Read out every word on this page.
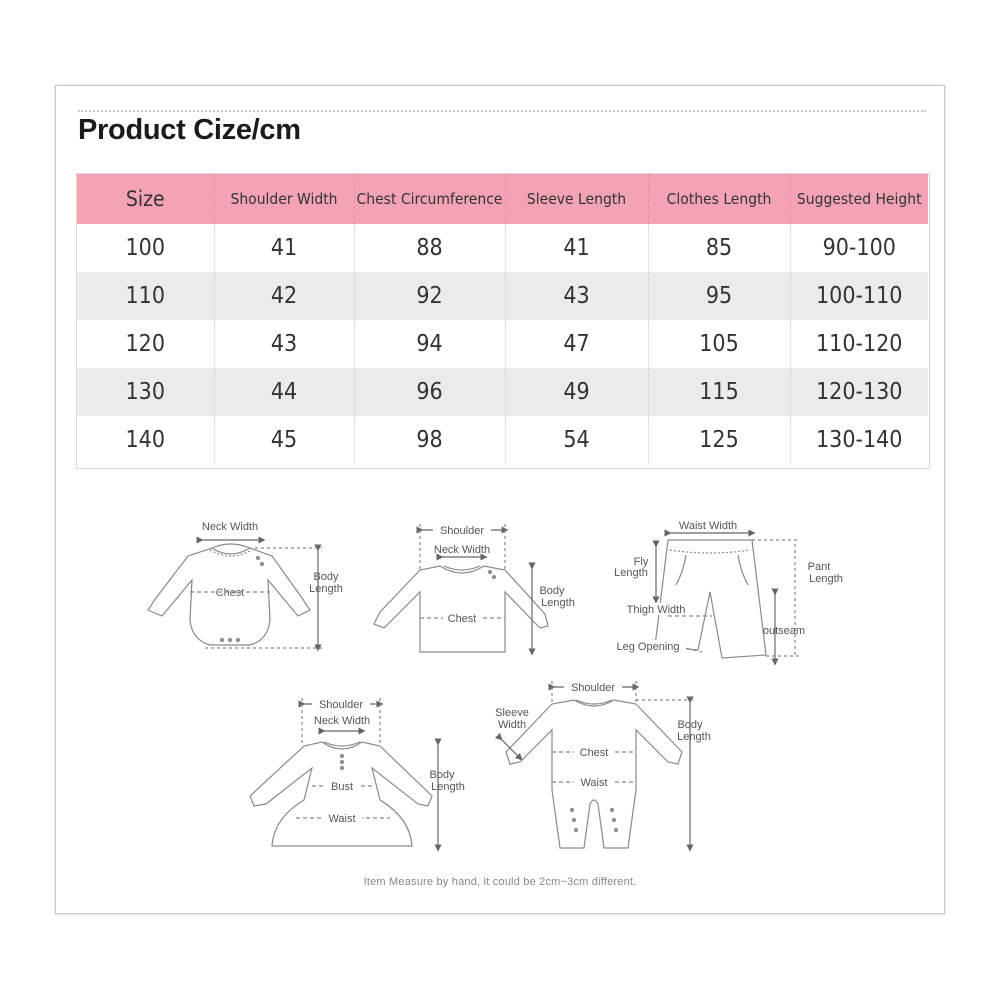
Product Cize/cm
Size	Shoulder Width	Chest Circumference	Sleeve Length	Clothes Length	Suggested Height
100	41	88	41	85	90-100
110	42	92	43	95	100-110
120	43	94	47	105	110-120
130	44	96	49	115	120-130
140	45	98	54	125	130-140
Neck Width
Chest
Body
Length
Shoulder
Neck Width
Chest
Body
Length
Waist Width
Fly
Length	Pant
Length
Thigh Width
outseam
Leg Opening
Shoulder
Neck Width
Bust
Waist
Body
Length
Shoulder
Sleeve
Width
Chest
Waist
Body
Length
Item Measure by hand, it could be 2cm~3cm different.
